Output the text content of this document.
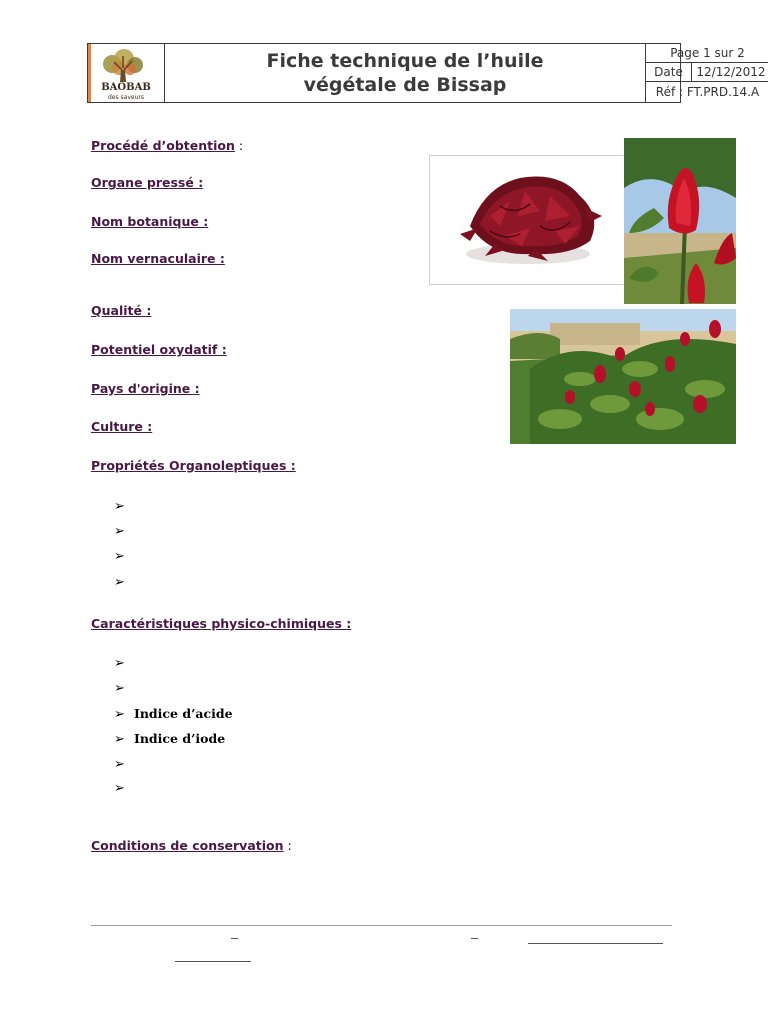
BAOBAB
des saveurs
Fiche technique de l’huile
végétale de Bissap
Page 1 sur 2
Date	12/12/2012
Réf : FT.PRD.14.A
Procédé d’obtention :
Organe pressé :
Nom botanique :
Nom vernaculaire :
Qualité :
Potentiel oxydatif :
Pays d'origine :
Culture :
Propriétés Organoleptiques :
➢
➢
➢
➢
Caractéristiques physico-chimiques :
➢
➢
➢ Indice d’acide
➢ Indice d’iode
➢
➢
Conditions de conservation :
